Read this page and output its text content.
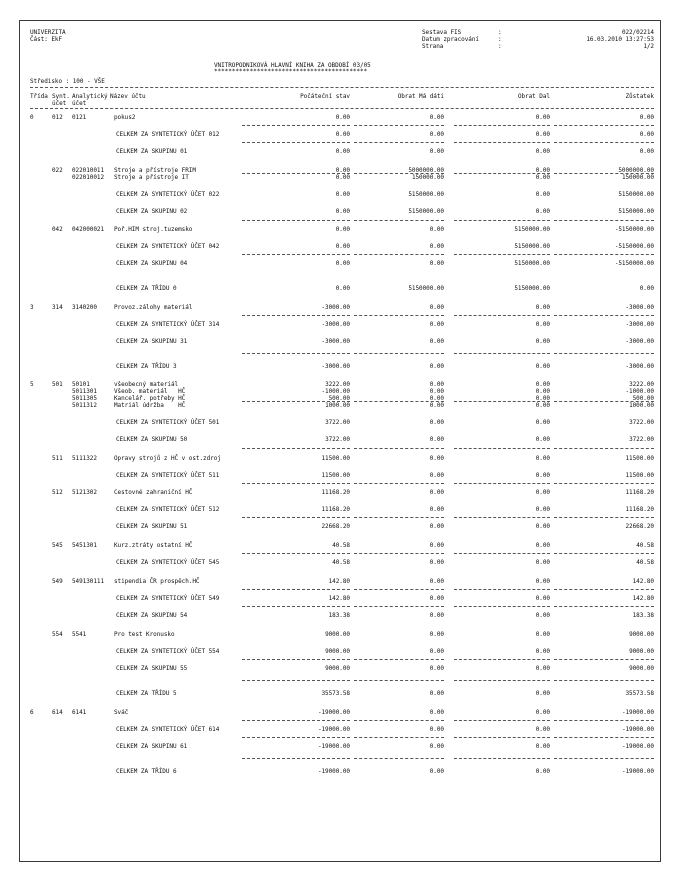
UNIVERZITA
Část: EkF
Sestava FIS	:	022/02214
Datum zpracování	:	16.03.2010 13:27:53
Strana	:	1/2
VNITROPODNIKOVÁ HLAVNÍ KNIHA ZA OBDOBÍ 03/05
*******************************************
Středisko : 100 - VŠE
Třída Synt. Analytický Název účtu
účet účet
Počáteční stav	Obrat Má dáti	Obrat Dal	Zůstatek
0	012	0121	pokus2	0.00	0.00	0.00	0.00
CELKEM ZA SYNTETICKÝ ÚČET 012	0.00	0.00	0.00	0.00
CELKEM ZA SKUPINU 01	0.00	0.00	0.00	0.00
022	022010011	Stroje a přístroje FRIM	0.00	5000000.00	0.00	5000000.00
022010012	Stroje a přístroje IT	0.00	150000.00	0.00	150000.00
CELKEM ZA SYNTETICKÝ ÚČET 022	0.00	5150000.00	0.00	5150000.00
CELKEM ZA SKUPINU 02	0.00	5150000.00	0.00	5150000.00
042	042000021	Poř.HIM stroj.tuzemsko	0.00	0.00	5150000.00	-5150000.00
CELKEM ZA SYNTETICKÝ ÚČET 042	0.00	0.00	5150000.00	-5150000.00
CELKEM ZA SKUPINU 04	0.00	0.00	5150000.00	-5150000.00
CELKEM ZA TŘÍDU 0	0.00	5150000.00	5150000.00	0.00
3	314	3140200	Provoz.zálohy materiál	-3000.00	0.00	0.00	-3000.00
CELKEM ZA SYNTETICKÝ ÚČET 314	-3000.00	0.00	0.00	-3000.00
CELKEM ZA SKUPINU 31	-3000.00	0.00	0.00	-3000.00
CELKEM ZA TŘÍDU 3	-3000.00	0.00	0.00	-3000.00
5	501	50101	všeobecný materiál	3222.00	0.00	0.00	3222.00
5011301	Všeob. materiál   HČ	-1000.00	0.00	0.00	-1000.00
5011305	Kancelář. potřeby HČ	500.00	0.00	0.00	500.00
5011312	Matriál údržba    HČ	1000.00	0.00	0.00	1000.00
CELKEM ZA SYNTETICKÝ ÚČET 501	3722.00	0.00	0.00	3722.00
CELKEM ZA SKUPINU 50	3722.00	0.00	0.00	3722.00
511	5111322	Opravy strojů z HČ v ost.zdroj	11500.00	0.00	0.00	11500.00
CELKEM ZA SYNTETICKÝ ÚČET 511	11500.00	0.00	0.00	11500.00
512	5121302	Cestovné zahraniční HČ	11168.20	0.00	0.00	11168.20
CELKEM ZA SYNTETICKÝ ÚČET 512	11168.20	0.00	0.00	11168.20
CELKEM ZA SKUPINU 51	22668.20	0.00	0.00	22668.20
545	5451301	Kurz.ztráty ostatní HČ	40.58	0.00	0.00	40.58
CELKEM ZA SYNTETICKÝ ÚČET 545	40.58	0.00	0.00	40.58
549	549130111	stipendia ČR prospěch.HČ	142.80	0.00	0.00	142.80
CELKEM ZA SYNTETICKÝ ÚČET 549	142.80	0.00	0.00	142.80
CELKEM ZA SKUPINU 54	183.38	0.00	0.00	183.38
554	5541	Pro test Kronusko	9000.00	0.00	0.00	9000.00
CELKEM ZA SYNTETICKÝ ÚČET 554	9000.00	0.00	0.00	9000.00
CELKEM ZA SKUPINU 55	9000.00	0.00	0.00	9000.00
CELKEM ZA TŘÍDU 5	35573.58	0.00	0.00	35573.58
6	614	6141	Sváč	-19000.00	0.00	0.00	-19000.00
CELKEM ZA SYNTETICKÝ ÚČET 614	-19000.00	0.00	0.00	-19000.00
CELKEM ZA SKUPINU 61	-19000.00	0.00	0.00	-19000.00
CELKEM ZA TŘÍDU 6	-19000.00	0.00	0.00	-19000.00
